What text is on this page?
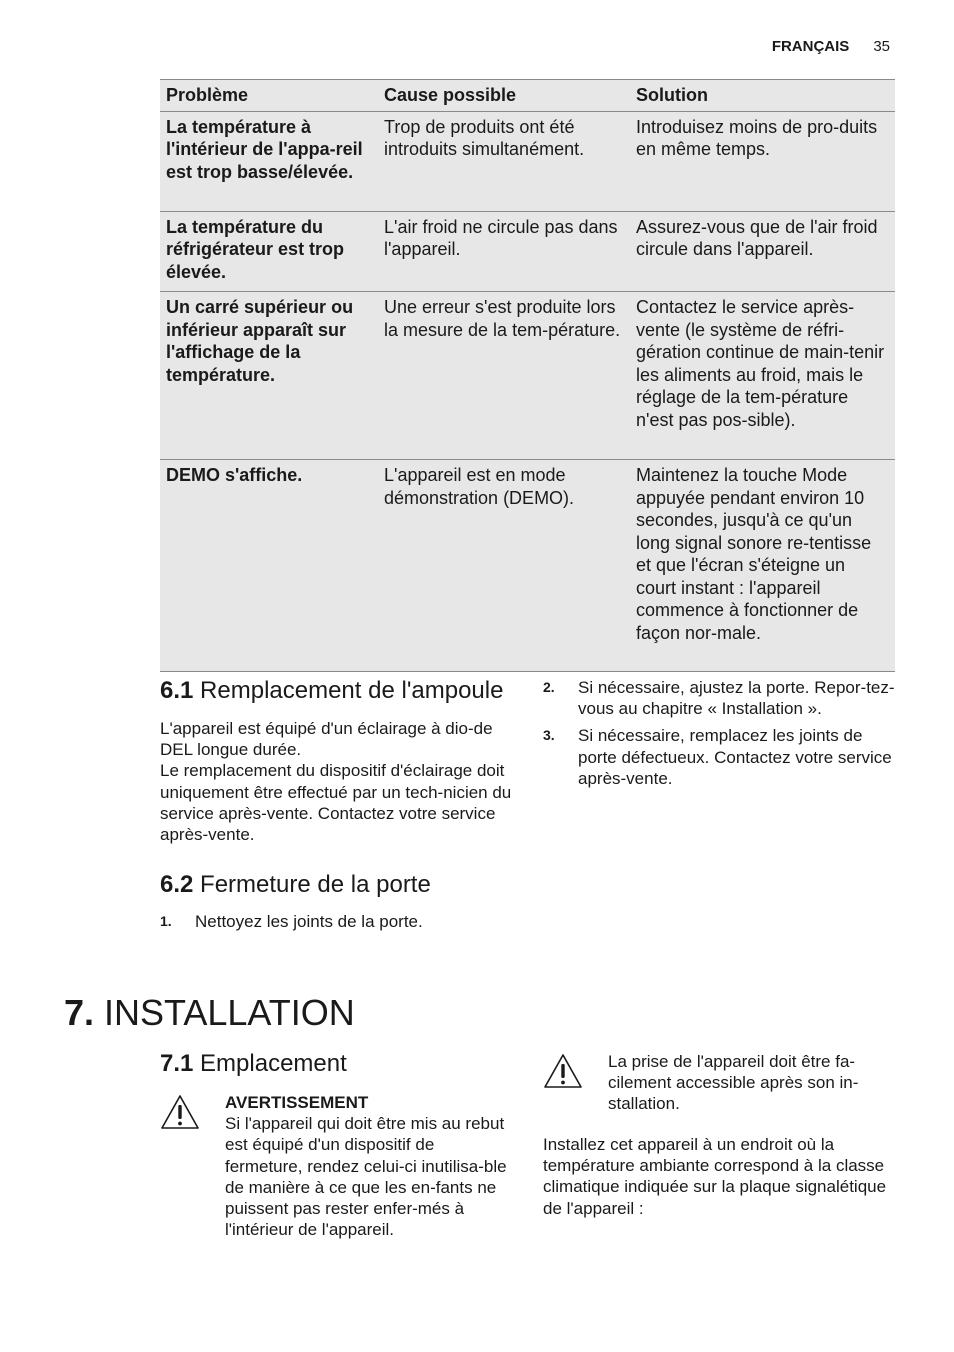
FRANÇAIS 35
Problème	Cause possible	Solution
La température à l'intérieur de l'appa-reil est trop basse/élevée.	Trop de produits ont été introduits simultanément.	Introduisez moins de pro-duits en même temps.
La température du réfrigérateur est trop élevée.	L'air froid ne circule pas dans l'appareil.	Assurez-vous que de l'air froid circule dans l'appareil.
Un carré supérieur ou inférieur apparaît sur l'affichage de la température.	Une erreur s'est produite lors la mesure de la tem-pérature.	Contactez le service après-vente (le système de réfri-gération continue de main-tenir les aliments au froid, mais le réglage de la tem-pérature n'est pas pos-sible).
DEMO s'affiche.	L'appareil est en mode démonstration (DEMO).	Maintenez la touche Mode appuyée pendant environ 10 secondes, jusqu'à ce qu'un long signal sonore re-tentisse et que l'écran s'éteigne un court instant : l'appareil commence à fonctionner de façon nor-male.
6.1 Remplacement de l'ampoule
L'appareil est équipé d'un éclairage à dio-de DEL longue durée.
Le remplacement du dispositif d'éclairage doit uniquement être effectué par un tech-nicien du service après-vente. Contactez votre service après-vente.
6.2 Fermeture de la porte
1. Nettoyez les joints de la porte.
2. Si nécessaire, ajustez la porte. Repor-tez-vous au chapitre « Installation ».
3. Si nécessaire, remplacez les joints de porte défectueux. Contactez votre service après-vente.
7. INSTALLATION
7.1 Emplacement
AVERTISSEMENT
Si l'appareil qui doit être mis au rebut est équipé d'un dispositif de fermeture, rendez celui-ci inutilisa-ble de manière à ce que les en-fants ne puissent pas rester enfer-més à l'intérieur de l'appareil.
La prise de l'appareil doit être fa-cilement accessible après son in-stallation.
Installez cet appareil à un endroit où la température ambiante correspond à la classe climatique indiquée sur la plaque signalétique de l'appareil :
